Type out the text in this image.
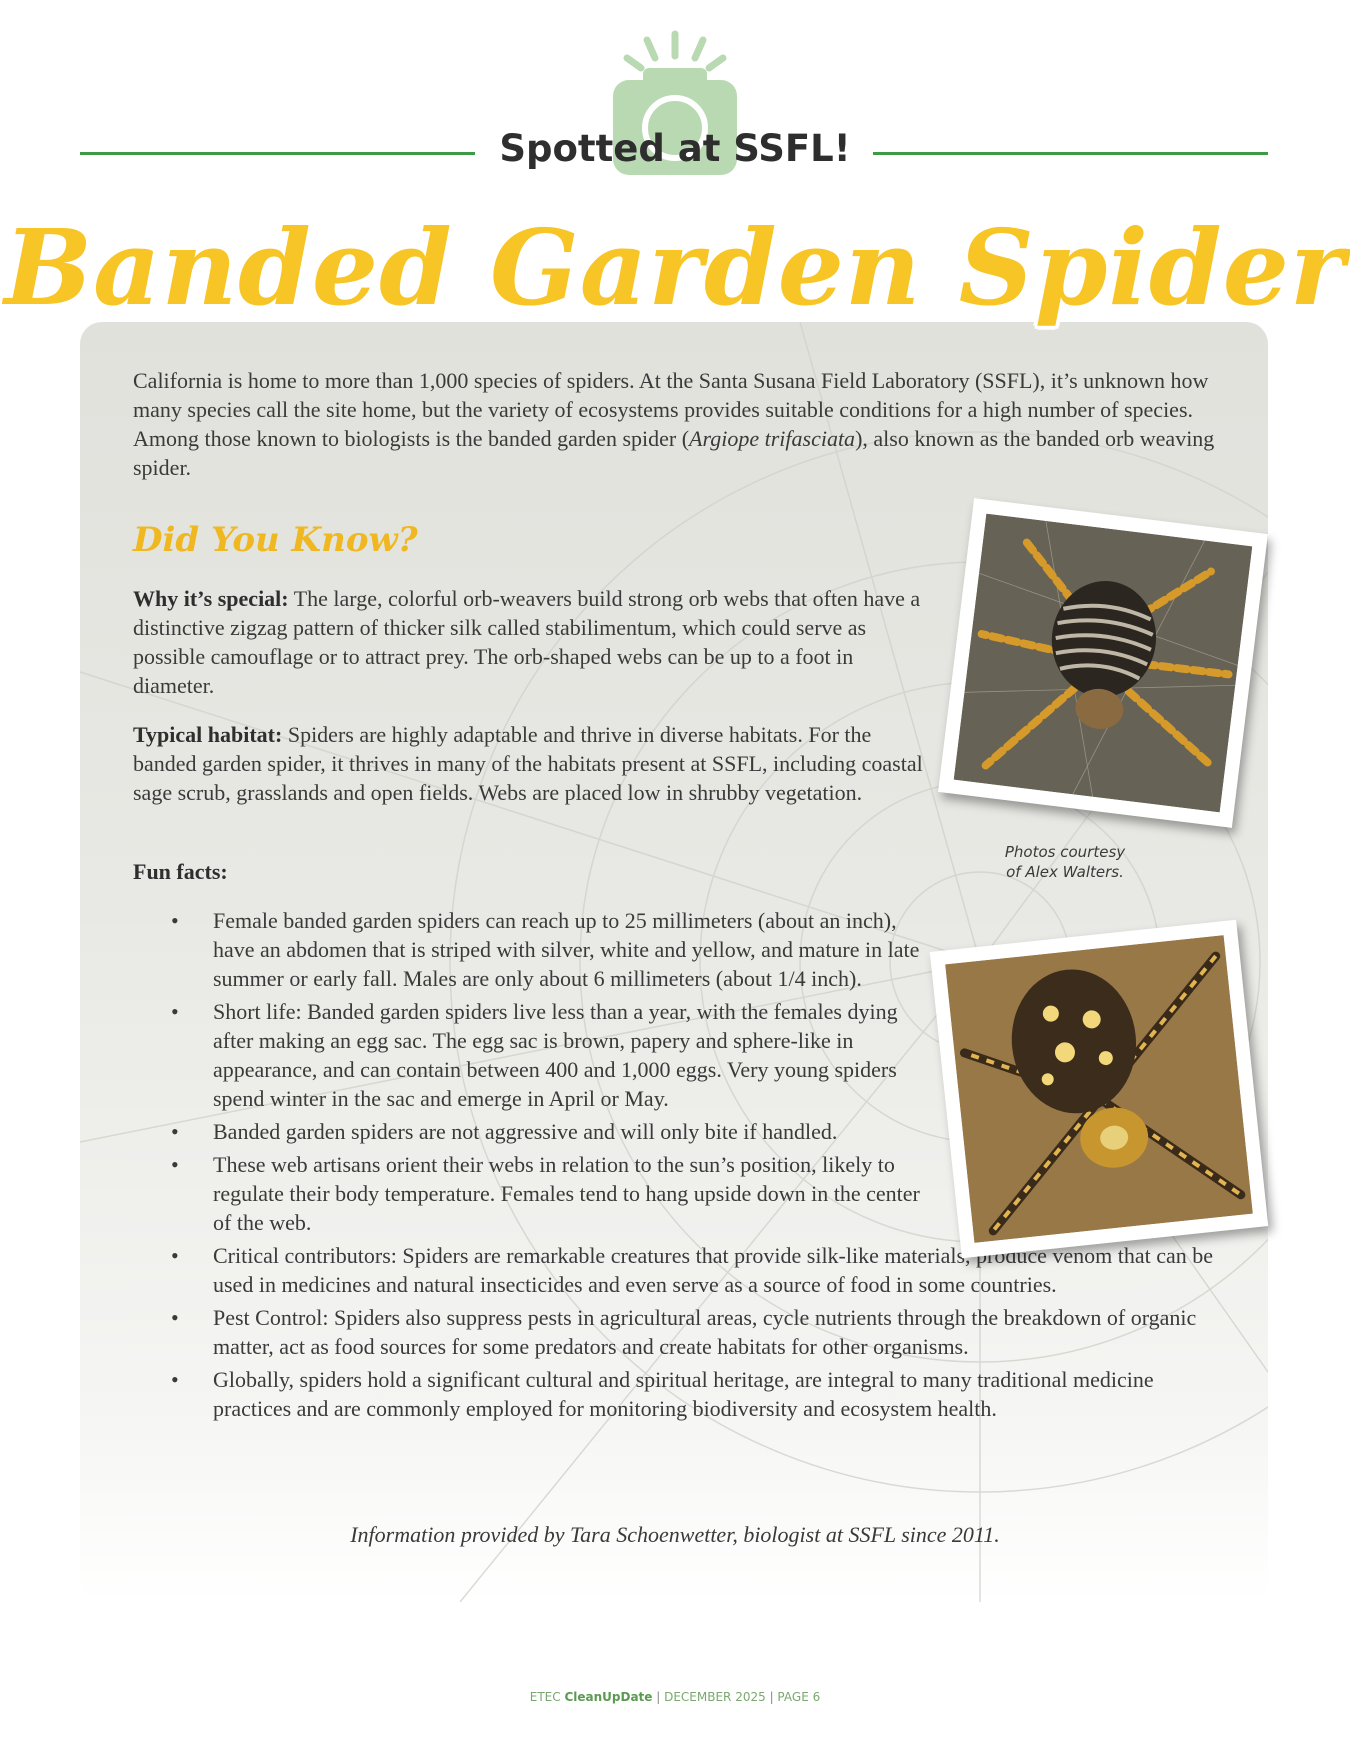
Spotted at SSFL!
Banded Garden Spider

California is home to more than 1,000 species of spiders. At the Santa Susana Field Laboratory (SSFL), it’s unknown how many species call the site home, but the variety of ecosystems provides suitable conditions for a high number of species. Among those known to biologists is the banded garden spider (Argiope trifasciata), also known as the banded orb weaving spider.

Did You Know?

Why it’s special: The large, colorful orb-weavers build strong orb webs that often have a distinctive zigzag pattern of thicker silk called stabilimentum, which could serve as possible camouflage or to attract prey. The orb-shaped webs can be up to a foot in diameter.

Typical habitat: Spiders are highly adaptable and thrive in diverse habitats. For the banded garden spider, it thrives in many of the habitats present at SSFL, including coastal sage scrub, grasslands and open fields. Webs are placed low in shrubby vegetation.

Fun facts:
• Female banded garden spiders can reach up to 25 millimeters (about an inch), have an abdomen that is striped with silver, white and yellow, and mature in late summer or early fall. Males are only about 6 millimeters (about 1/4 inch).
• Short life: Banded garden spiders live less than a year, with the females dying after making an egg sac. The egg sac is brown, papery and sphere-like in appearance, and can contain between 400 and 1,000 eggs. Very young spiders spend winter in the sac and emerge in April or May.
• Banded garden spiders are not aggressive and will only bite if handled.
• These web artisans orient their webs in relation to the sun’s position, likely to regulate their body temperature. Females tend to hang upside down in the center of the web.
• Critical contributors: Spiders are remarkable creatures that provide silk-like materials, produce venom that can be used in medicines and natural insecticides and even serve as a source of food in some countries.
• Pest Control: Spiders also suppress pests in agricultural areas, cycle nutrients through the breakdown of organic matter, act as food sources for some predators and create habitats for other organisms.
• Globally, spiders hold a significant cultural and spiritual heritage, are integral to many traditional medicine practices and are commonly employed for monitoring biodiversity and ecosystem health.
Photos courtesy
of Alex Walters.
Information provided by Tara Schoenwetter, biologist at SSFL since 2011.
ETEC CleanUpDate | DECEMBER 2025 | PAGE 6
